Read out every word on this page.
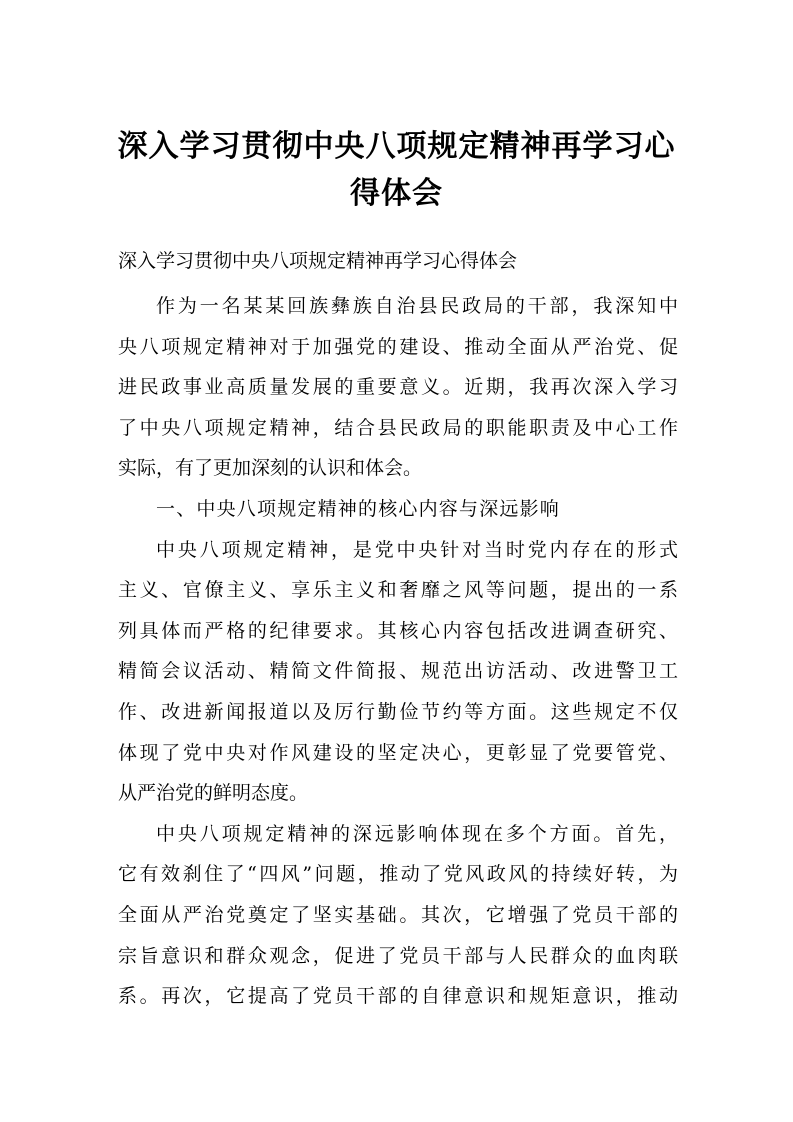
深入学习贯彻中央八项规定精神再学习心
得体会

深入学习贯彻中央八项规定精神再学习心得体会

作为一名某某回族彝族自治县民政局的干部，我深知中
央八项规定精神对于加强党的建设、推动全面从严治党、促
进民政事业高质量发展的重要意义。近期，我再次深入学习
了中央八项规定精神，结合县民政局的职能职责及中心工作
实际，有了更加深刻的认识和体会。

一、中央八项规定精神的核心内容与深远影响

中央八项规定精神，是党中央针对当时党内存在的形式
主义、官僚主义、享乐主义和奢靡之风等问题，提出的一系
列具体而严格的纪律要求。其核心内容包括改进调查研究、
精简会议活动、精简文件简报、规范出访活动、改进警卫工
作、改进新闻报道以及厉行勤俭节约等方面。这些规定不仅
体现了党中央对作风建设的坚定决心，更彰显了党要管党、
从严治党的鲜明态度。
中央八项规定精神的深远影响体现在多个方面。首先，
它有效刹住了“四风”问题，推动了党风政风的持续好转，为
全面从严治党奠定了坚实基础。其次，它增强了党员干部的
宗旨意识和群众观念，促进了党员干部与人民群众的血肉联
系。再次，它提高了党员干部的自律意识和规矩意识，推动
